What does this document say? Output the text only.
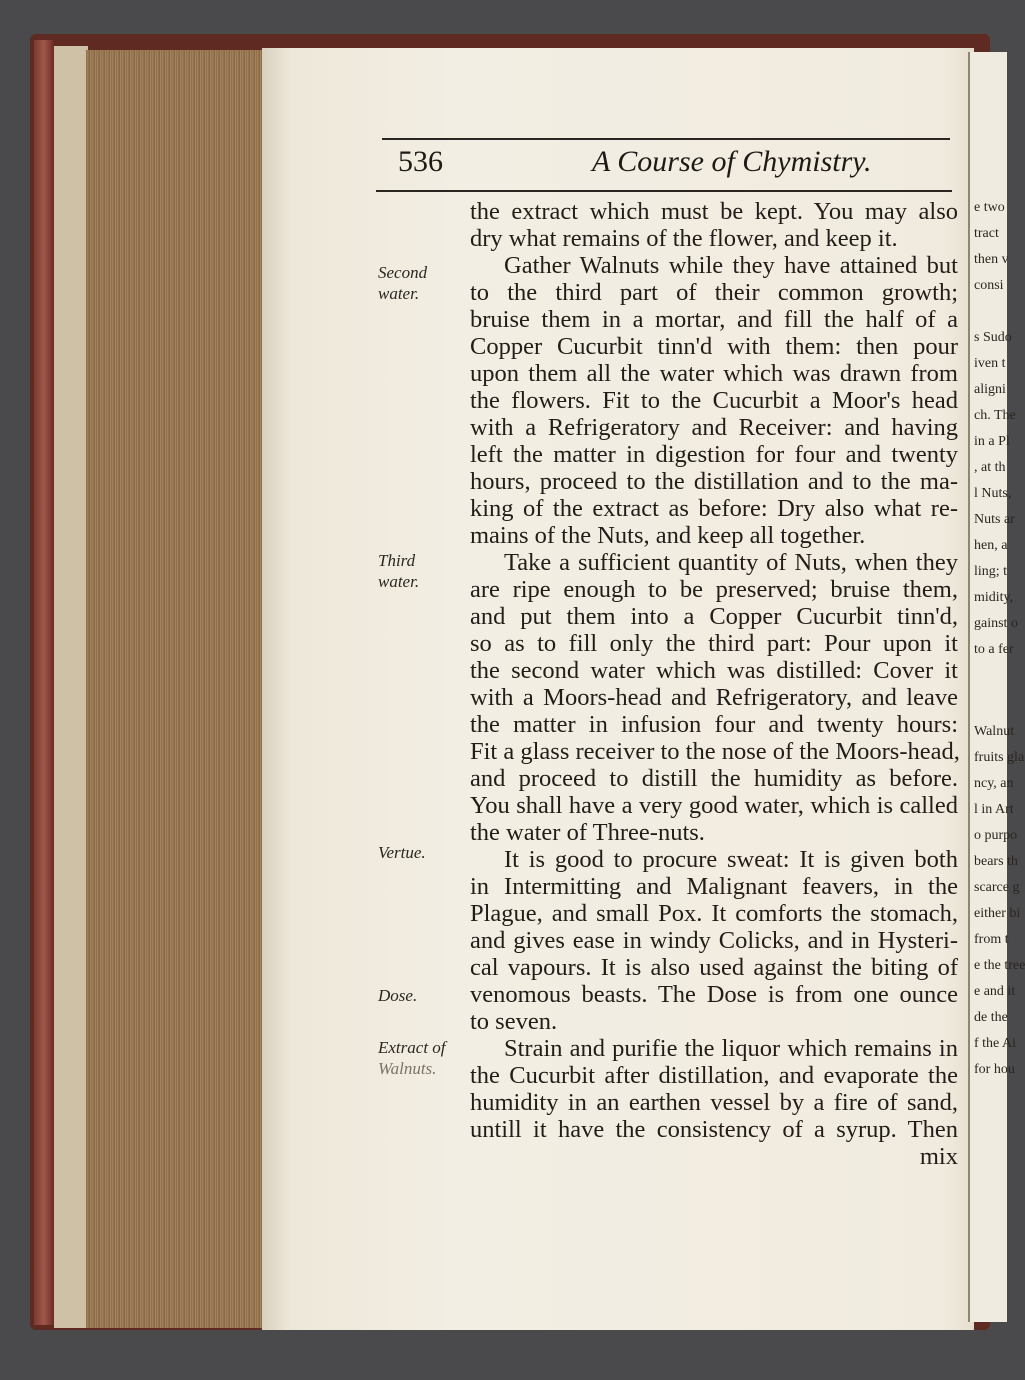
e two
tract
then v
consi
s Sudo
iven t
aligni
ch. The
in a Pl
, at th
l Nuts,
Nuts ar
hen, a
ling; t
midity,
gainst o
to a fer
Walnut
fruits gla
ncy, an
l in Art
o purpo
bears th
scarce g
either bi
from t
e the tree
e and it
de the
f the Ai
for hou
536	A Course of Chymistry.
Second
water.
Third
water.
Vertue.
Dose.
Extract of
Walnuts.
the extract which must be kept. You may also
dry what remains of the flower, and keep it.
Gather Walnuts while they have attained but
to the third part of their common growth;
bruise them in a mortar, and fill the half of a
Copper Cucurbit tinn'd with them: then pour
upon them all the water which was drawn from
the flowers. Fit to the Cucurbit a Moor's head
with a Refrigeratory and Receiver: and having
left the matter in digestion for four and twenty
hours, proceed to the distillation and to the ma-
king of the extract as before: Dry also what re-
mains of the Nuts, and keep all together.
Take a sufficient quantity of Nuts, when they
are ripe enough to be preserved; bruise them,
and put them into a Copper Cucurbit tinn'd,
so as to fill only the third part: Pour upon it
the second water which was distilled: Cover it
with a Moors-head and Refrigeratory, and leave
the matter in infusion four and twenty hours:
Fit a glass receiver to the nose of the Moors-head,
and proceed to distill the humidity as before.
You shall have a very good water, which is called
the water of Three-nuts.
It is good to procure sweat: It is given both
in Intermitting and Malignant feavers, in the
Plague, and small Pox. It comforts the stomach,
and gives ease in windy Colicks, and in Hysteri-
cal vapours. It is also used against the biting of
venomous beasts. The Dose is from one ounce
to seven.
Strain and purifie the liquor which remains in
the Cucurbit after distillation, and evaporate the
humidity in an earthen vessel by a fire of sand,
untill it have the consistency of a syrup. Then
mix
